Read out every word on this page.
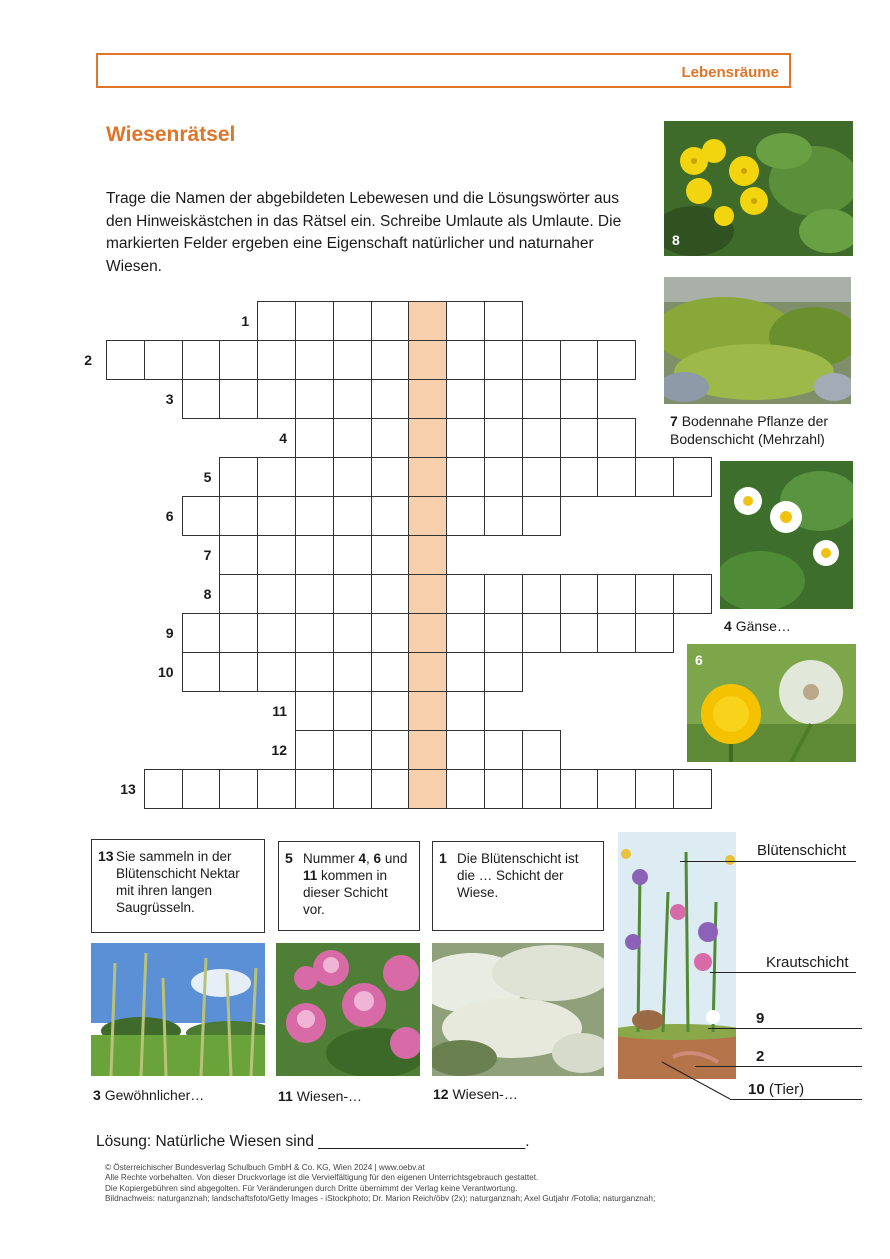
Lebensräume
Wiesenrätsel

Trage die Namen der abgebildeten Lebewesen und die Lösungswörter aus den Hinweiskästchen in das Rätsel ein. Schreibe Umlaute als Umlaute. Die markierten Felder ergeben eine Eigenschaft natürlicher und naturnaher Wiesen.

1
2
3
4
5
6
7
8
9
10
11
12
13
13 Sie sammeln in der Blütenschicht Nektar mit ihren langen Saugrüsseln.
5 Nummer 4, 6 und 11 kommen in dieser Schicht vor.
1 Die Blütenschicht ist die … Schicht der Wiese.
8
7 Bodennahe Pflanze der Bodenschicht (Mehrzahl)
4 Gänse…
6
3 Gewöhnlicher…	11 Wiesen-…	12 Wiesen-…
Blütenschicht
Krautschicht
9
2
10 (Tier)
Lösung: Natürliche Wiesen sind ________________________.
© Österreichischer Bundesverlag Schulbuch GmbH & Co. KG, Wien 2024 | www.oebv.at
Alle Rechte vorbehalten. Von dieser Druckvorlage ist die Vervielfältigung für den eigenen Unterrichtsgebrauch gestattet.
Die Kopiergebühren sind abgegolten. Für Veränderungen durch Dritte übernimmt der Verlag keine Verantwortung.
Bildnachweis: naturganznah; landschaftsfoto/Getty Images - iStockphoto; Dr. Marion Reich/öbv (2x); naturganznah; Axel Gutjahr /Fotolia; naturganznah;
